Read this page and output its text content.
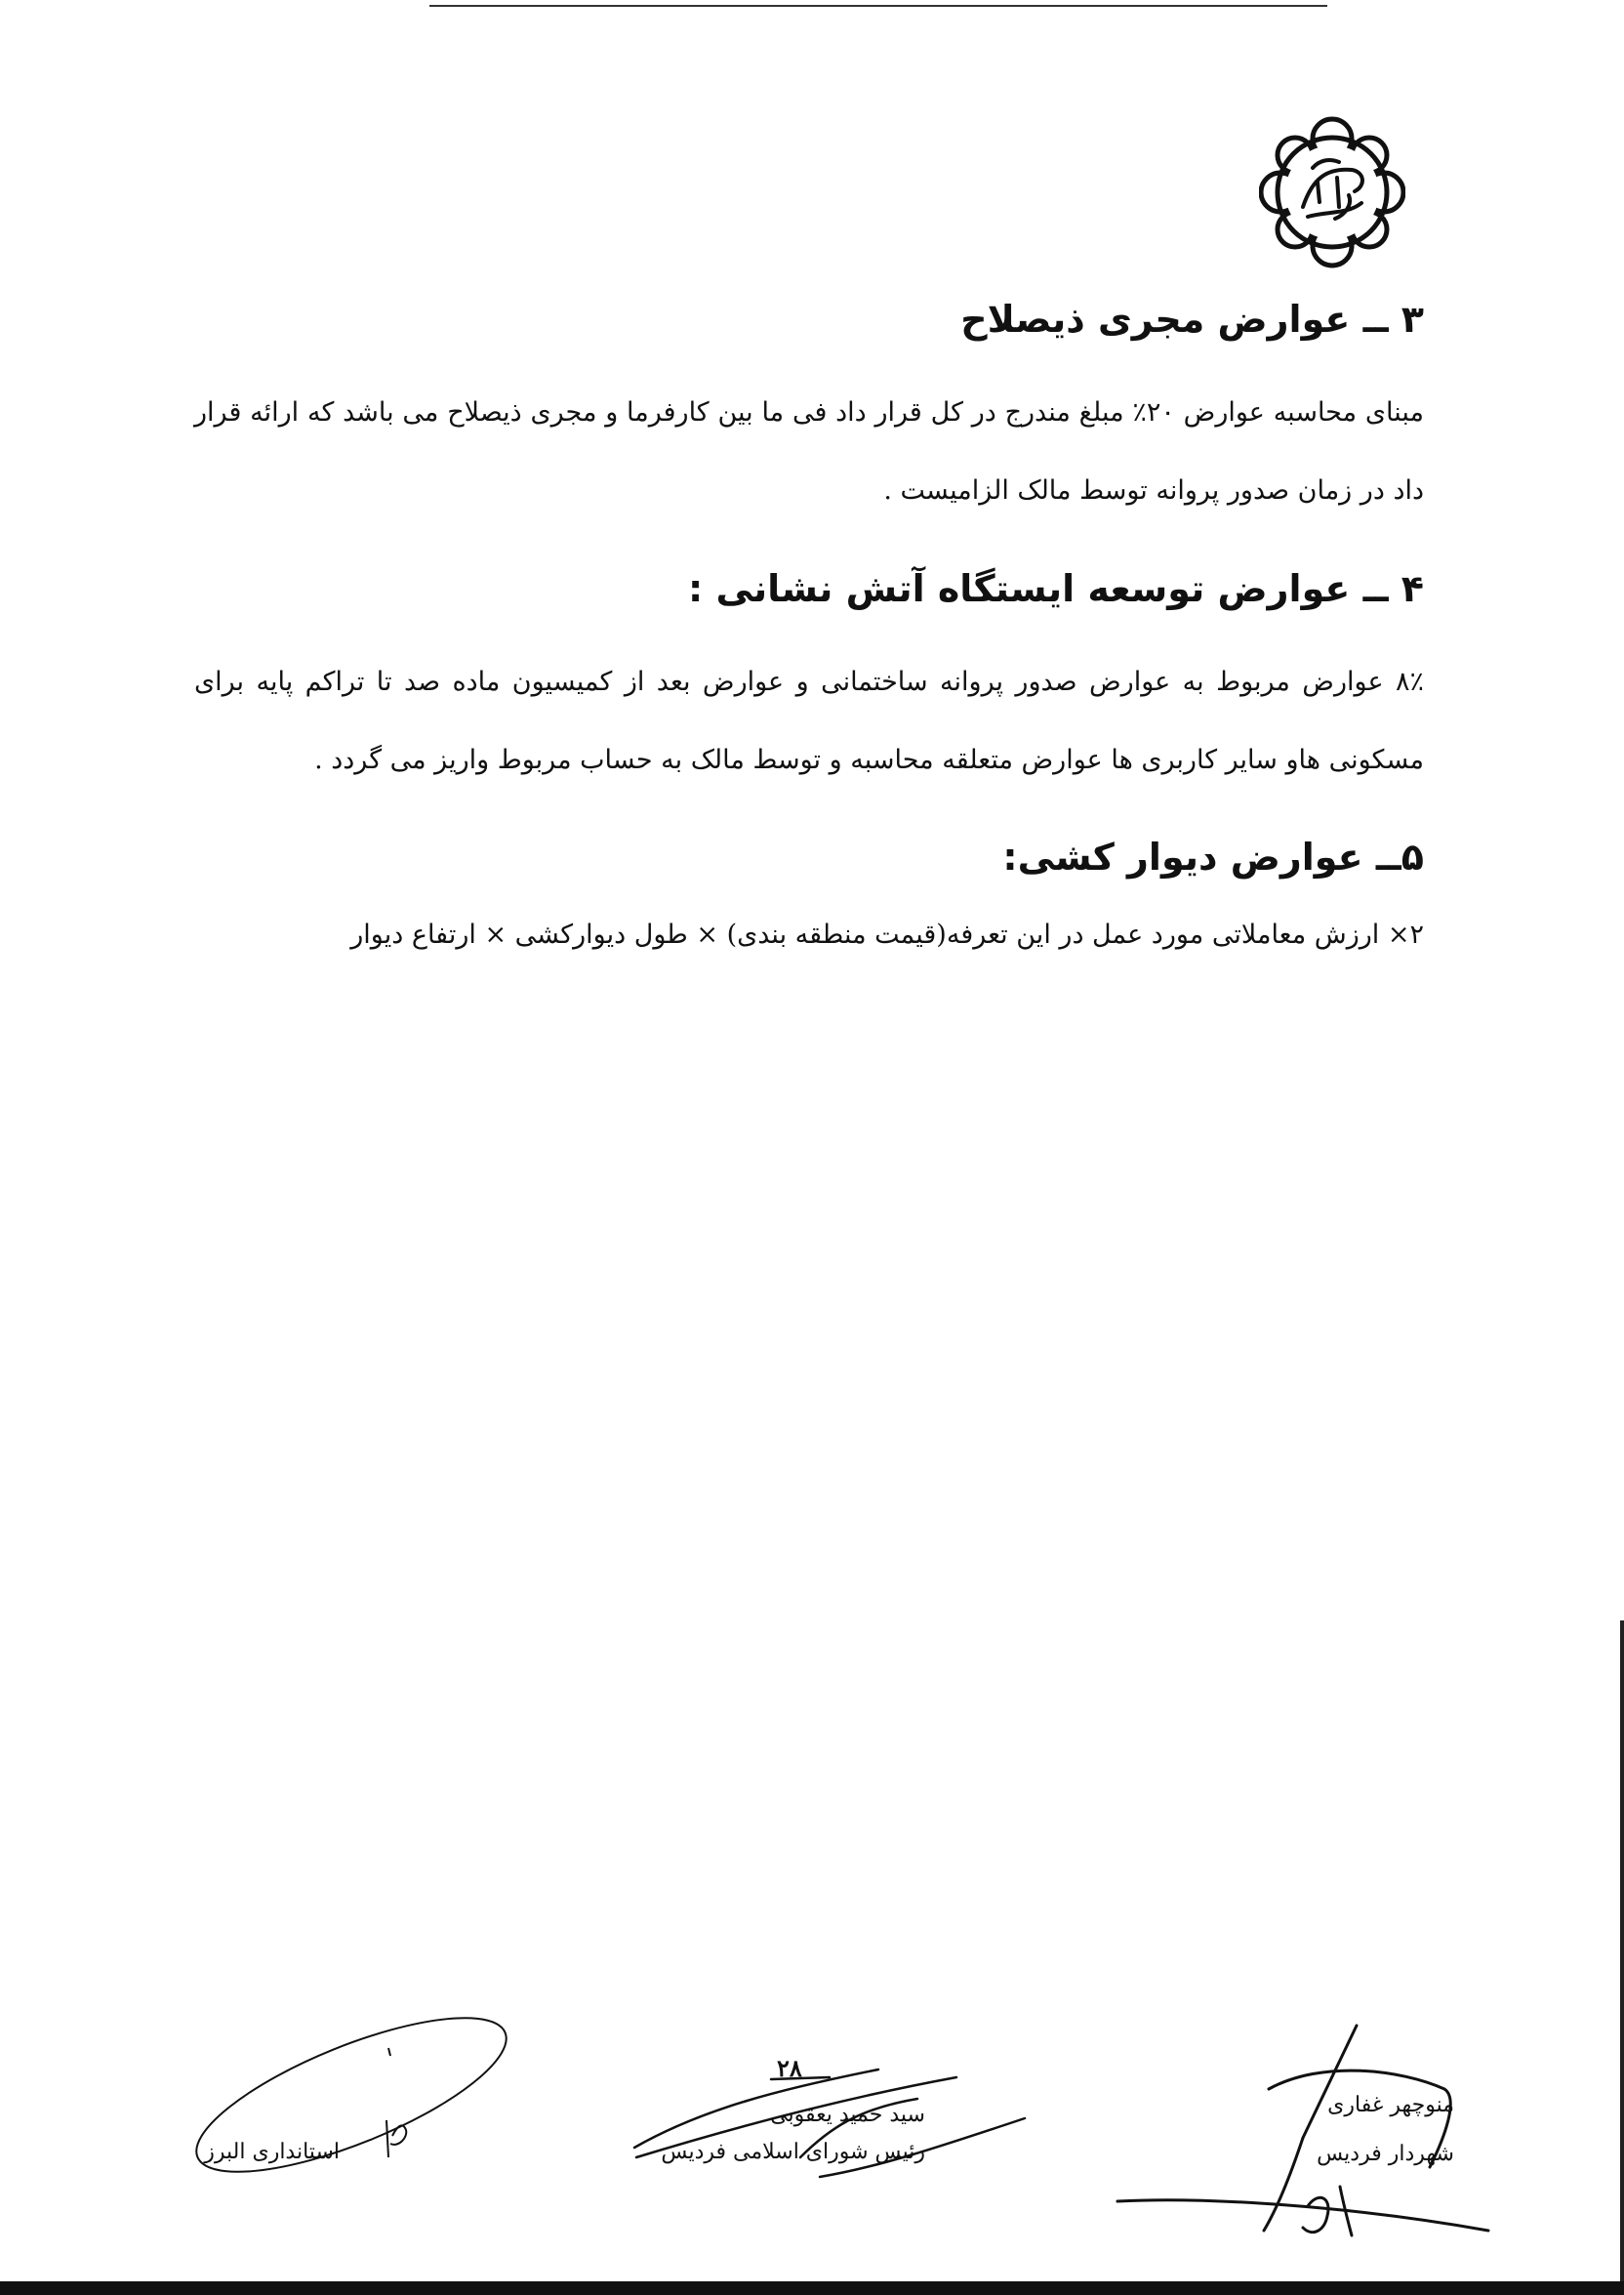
۳ ــ عوارض مجری ذیصلاح

مبنای محاسبه عوارض ۲۰٪ مبلغ مندرج در کل قرار داد فی ما بین کارفرما و مجری ذیصلاح می باشد که ارائه قرار داد در زمان صدور پروانه توسط مالک الزامیست .

۴ ــ عوارض توسعه ایستگاه آتش نشانی :

۸٪ عوارض مربوط به عوارض صدور پروانه ساختمانی و عوارض بعد از کمیسیون ماده صد تا تراکم پایه برای مسکونی هاو سایر کاربری ها عوارض متعلقه محاسبه و توسط مالک به حساب مربوط واریز می گردد .

۵ــ عوارض دیوار کشی:

۲× ارزش معاملاتی مورد عمل در این تعرفه(قیمت منطقه بندی) × طول دیوارکشی × ارتفاع دیوار

۲۸
استانداری البرز
سید حمید یعقوبی
رئیس شورای اسلامی فردیس
منوچهر غفاری
شهردار فردیس
